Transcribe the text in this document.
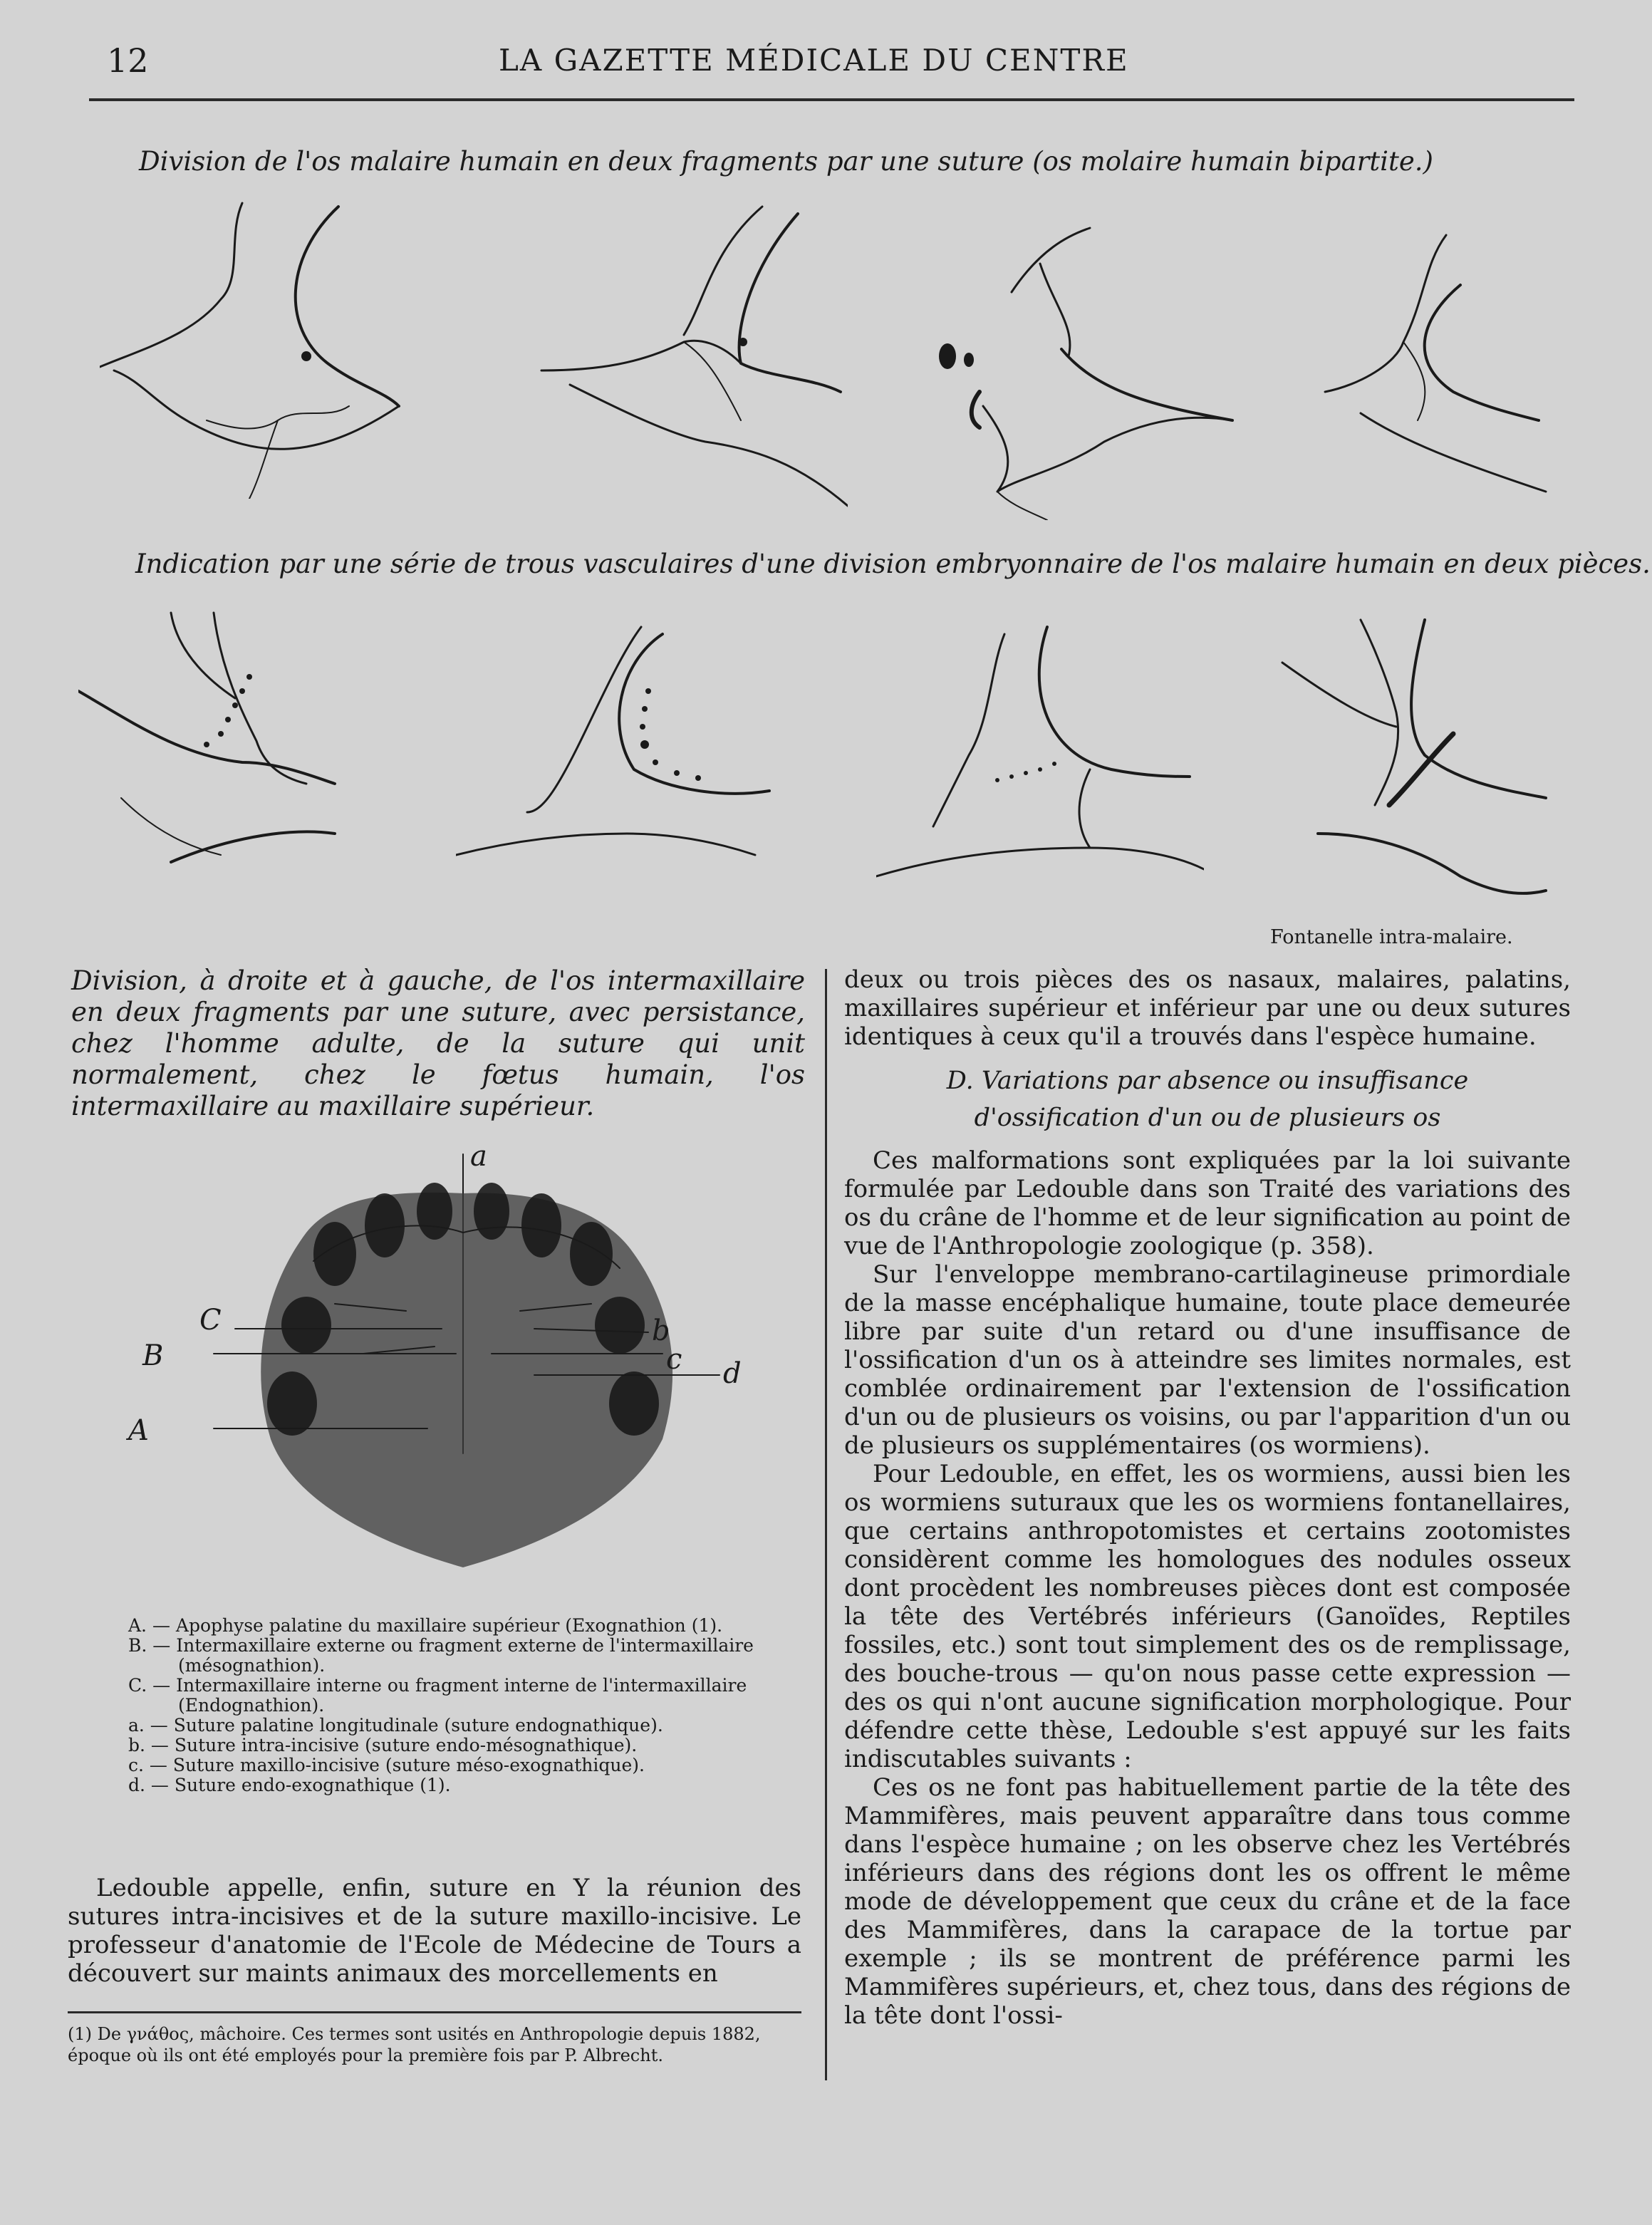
12	LA GAZETTE MÉDICALE DU CENTRE
Division de l'os malaire humain en deux fragments par une suture (os molaire humain bipartite.)
Indication par une série de trous vasculaires d'une division embryonnaire de l'os malaire humain en deux pièces.
Fontanelle intra-malaire.
Division, à droite et à gauche, de l'os intermaxillaire en deux fragments par une suture, avec persistance, chez l'homme adulte, de la suture qui unit normalement, chez le fœtus humain, l'os intermaxillaire au maxillaire supérieur.
a
C
B
A
b
c d
A. — Apophyse palatine du maxillaire supérieur (Exognathion (1).
B. — Intermaxillaire externe ou fragment externe de l'intermaxillaire (mésognathion).
C. — Intermaxillaire interne ou fragment interne de l'intermaxillaire (Endognathion).
a. — Suture palatine longitudinale (suture endognathique).
b. — Suture intra-incisive (suture endo-mésognathique).
c. — Suture maxillo-incisive (suture méso-exognathique).
d. — Suture endo-exognathique (1).

Ledouble appelle, enfin, suture en Y la réunion des sutures intra-incisives et de la suture maxillo-incisive. Le professeur d'anatomie de l'Ecole de Médecine de Tours a découvert sur maints animaux des morcellements en

(1) De γνάθος, mâchoire. Ces termes sont usités en Anthropologie depuis 1882, époque où ils ont été employés pour la première fois par P. Albrecht.

deux ou trois pièces des os nasaux, malaires, palatins, maxillaires supérieur et inférieur par une ou deux sutures identiques à ceux qu'il a trouvés dans l'espèce humaine.

D. Variations par absence ou insuffisance
d'ossification d'un ou de plusieurs os

Ces malformations sont expliquées par la loi suivante formulée par Ledouble dans son Traité des variations des os du crâne de l'homme et de leur signification au point de vue de l'Anthropologie zoologique (p. 358).

Sur l'enveloppe membrano-cartilagineuse primordiale de la masse encéphalique humaine, toute place demeurée libre par suite d'un retard ou d'une insuffisance de l'ossification d'un os à atteindre ses limites normales, est comblée ordinairement par l'extension de l'ossification d'un ou de plusieurs os voisins, ou par l'apparition d'un ou de plusieurs os supplémentaires (os wormiens).

Pour Ledouble, en effet, les os wormiens, aussi bien les os wormiens suturaux que les os wormiens fontanellaires, que certains anthropotomistes et certains zootomistes considèrent comme les homologues des nodules osseux dont procèdent les nombreuses pièces dont est composée la tête des Vertébrés inférieurs (Ganoïdes, Reptiles fossiles, etc.) sont tout simplement des os de remplissage, des bouche-trous — qu'on nous passe cette expression — des os qui n'ont aucune signification morphologique. Pour défendre cette thèse, Ledouble s'est appuyé sur les faits indiscutables suivants :

Ces os ne font pas habituellement partie de la tête des Mammifères, mais peuvent apparaître dans tous comme dans l'espèce humaine ; on les observe chez les Vertébrés inférieurs dans des régions dont les os offrent le même mode de développement que ceux du crâne et de la face des Mammifères, dans la carapace de la tortue par exemple ; ils se montrent de préférence parmi les Mammifères supérieurs, et, chez tous, dans des régions de la tête dont l'ossi-
